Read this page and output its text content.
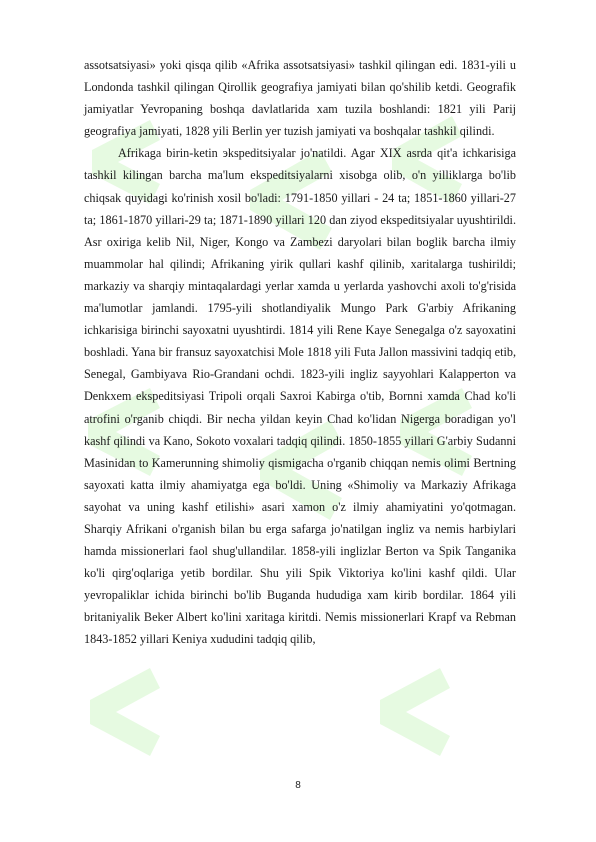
assotsatsiyasi» yoki qisqa qilib «Afrika assotsatsiyasi» tashkil qilingan edi. 1831-yili u Londonda tashkil qilingan Qirollik geografiya jamiyati bilan qo'shilib ketdi. Geografik jamiyatlar Yevropaning boshqa davlatlarida xam tuzila boshlandi: 1821 yili Parij geografiya jamiyati, 1828 yili Berlin yer tuzish jamiyati va boshqalar tashkil qilindi.

Afrikaga birin-ketin эkspeditsiyalar jo'natildi. Agar XIX asrda qit'a ichkarisiga tashkil kilingan barcha ma'lum ekspeditsiyalarni xisobga olib, o'n yilliklarga bo'lib chiqsak quyidagi ko'rinish xosil bo'ladi: 1791-1850 yillari - 24 ta; 1851-1860 yillari-27 ta; 1861-1870 yillari-29 ta; 1871-1890 yillari 120 dan ziyod ekspeditsiyalar uyushtirildi. Asr oxiriga kelib Nil, Niger, Kongo va Zambezi daryolari bilan boglik barcha ilmiy muammolar hal qilindi; Afrikaning yirik qullari kashf qilinib, xaritalarga tushirildi; markaziy va sharqiy mintaqalardagi yerlar xamda u yerlarda yashovchi axoli to'g'risida ma'lumotlar jamlandi. 1795-yili shotlandiyalik Mungo Park G'arbiy Afrikaning ichkarisiga birinchi sayoxatni uyushtirdi. 1814 yili Rene Kaye Senegalga o'z sayoxatini boshladi. Yana bir fransuz sayoxatchisi Mole 1818 yili Futa Jallon massivini tadqiq etib, Senegal, Gambiyava Rio-Grandani ochdi. 1823-yili ingliz sayyohlari Kalapperton va Denkxem ekspeditsiyasi Tripoli orqali Saxroi Kabirga o'tib, Bornni xamda Chad ko'li atrofini o'rganib chiqdi. Bir necha yildan keyin Chad ko'lidan Nigerga boradigan yo'l kashf qilindi va Kano, Sokoto voxalari tadqiq qilindi. 1850-1855 yillari G'arbiy Sudanni Masinidan to Kamerunning shimoliy qismigacha o'rganib chiqqan nemis olimi Bertning sayoxati katta ilmiy ahamiyatga ega bo'ldi. Uning «Shimoliy va Markaziy Afrikaga sayohat va uning kashf etilishi» asari xamon o'z ilmiy ahamiyatini yo'qotmagan. Sharqiy Afrikani o'rganish bilan bu erga safarga jo'natilgan ingliz va nemis harbiylari hamda missionerlari faol shug'ullandilar. 1858-yili inglizlar Berton va Spik Tanganika ko'li qirg'oqlariga yetib bordilar. Shu yili Spik Viktoriya ko'lini kashf qildi. Ular yevropaliklar ichida birinchi bo'lib Buganda hududiga xam kirib bordilar. 1864 yili britaniyalik Beker Albert ko'lini xaritaga kiritdi. Nemis missionerlari Krapf va Rebman 1843-1852 yillari Keniya xududini tadqiq qilib,

8
